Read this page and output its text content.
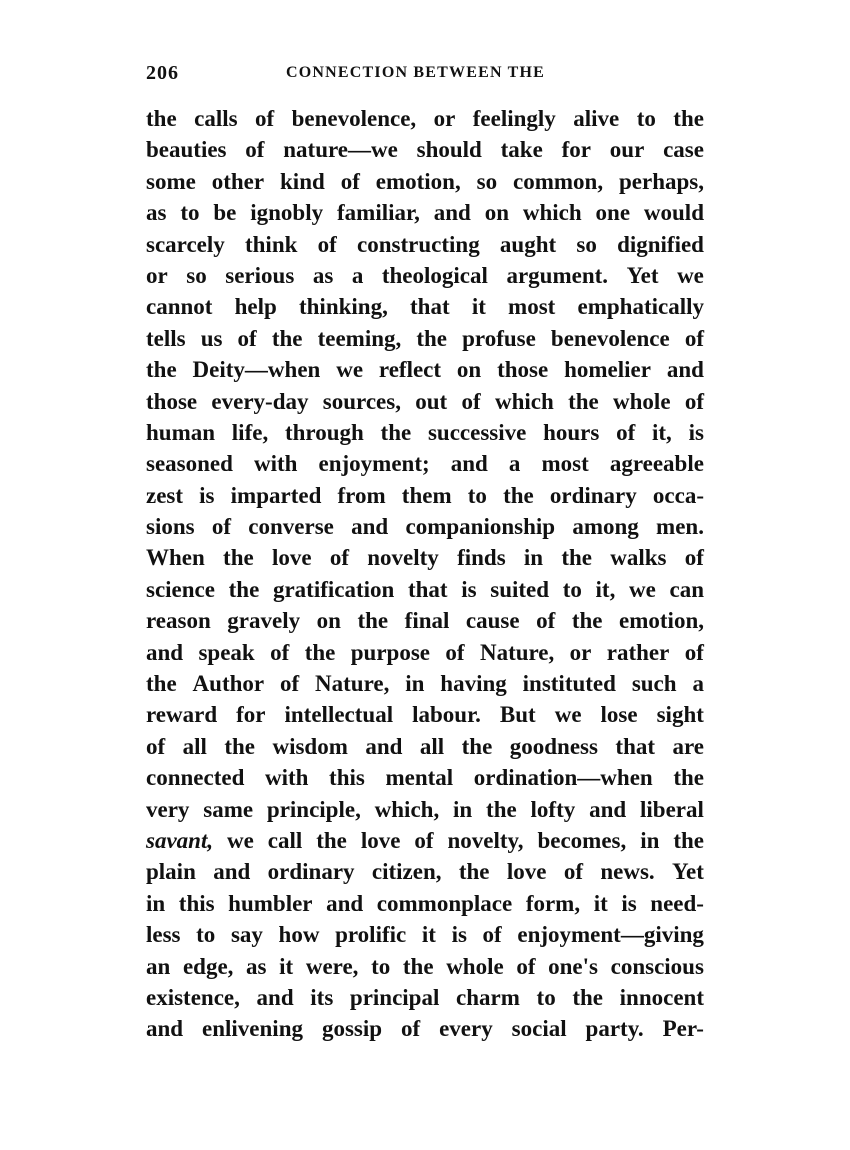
206	CONNECTION BETWEEN THE
the calls of benevolence, or feelingly alive to the
beauties of nature—we should take for our case
some other kind of emotion, so common, perhaps,
as to be ignobly familiar, and on which one would
scarcely think of constructing aught so dignified
or so serious as a theological argument. Yet we
cannot help thinking, that it most emphatically
tells us of the teeming, the profuse benevolence of
the Deity—when we reflect on those homelier and
those every-day sources, out of which the whole of
human life, through the successive hours of it, is
seasoned with enjoyment; and a most agreeable
zest is imparted from them to the ordinary occa-
sions of converse and companionship among men.
When the love of novelty finds in the walks of
science the gratification that is suited to it, we can
reason gravely on the final cause of the emotion,
and speak of the purpose of Nature, or rather of
the Author of Nature, in having instituted such a
reward for intellectual labour. But we lose sight
of all the wisdom and all the goodness that are
connected with this mental ordination—when the
very same principle, which, in the lofty and liberal
savant, we call the love of novelty, becomes, in the
plain and ordinary citizen, the love of news. Yet
in this humbler and commonplace form, it is need-
less to say how prolific it is of enjoyment—giving
an edge, as it were, to the whole of one's conscious
existence, and its principal charm to the innocent
and enlivening gossip of every social party. Per-
